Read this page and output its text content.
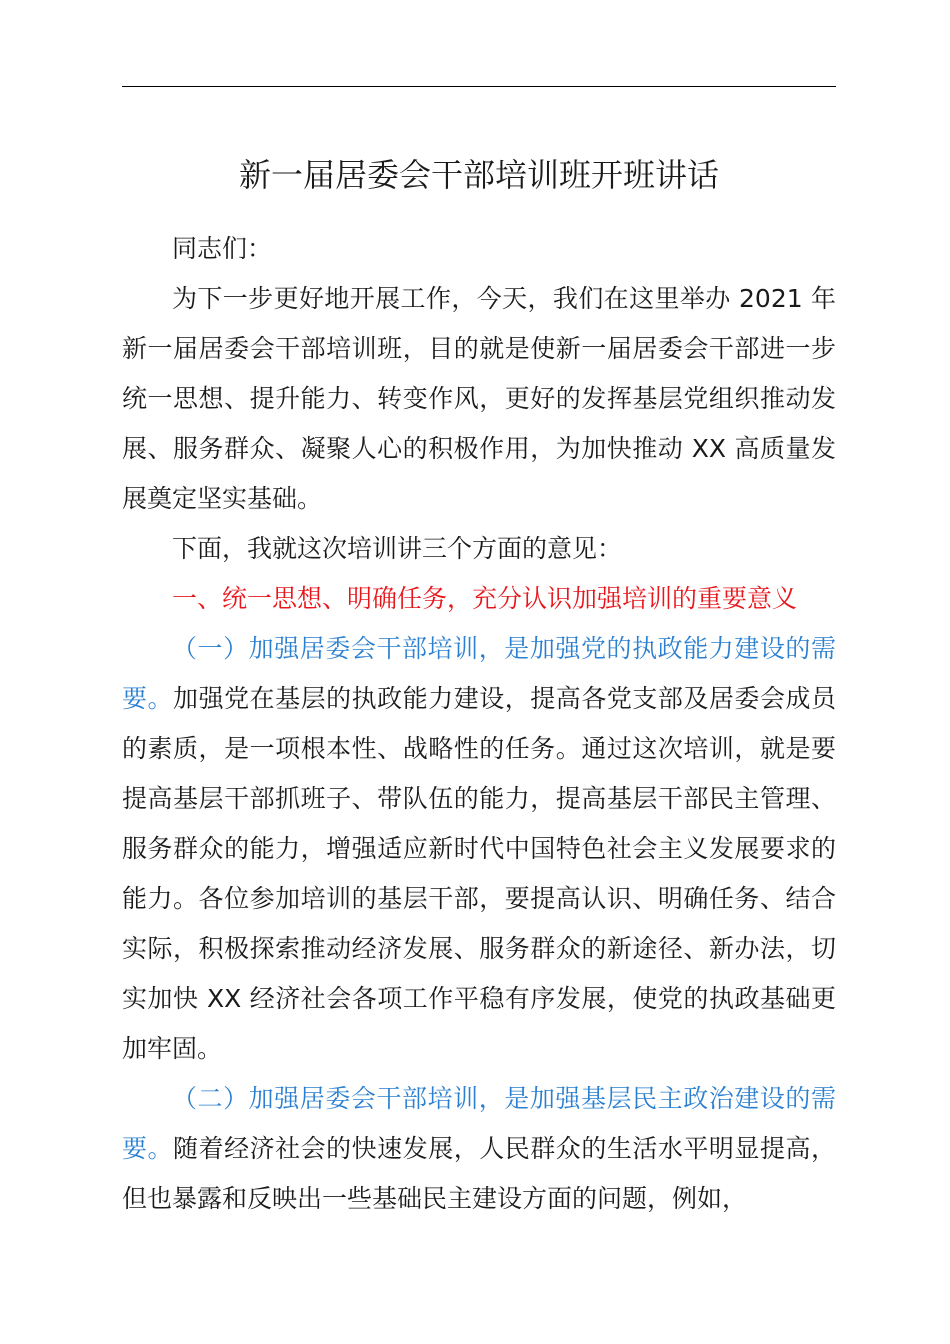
新一届居委会干部培训班开班讲话

同志们：

为下一步更好地开展工作，今天，我们在这里举办 2021 年新一届居委会干部培训班，目的就是使新一届居委会干部进一步统一思想、提升能力、转变作风，更好的发挥基层党组织推动发展、服务群众、凝聚人心的积极作用，为加快推动 XX 高质量发展奠定坚实基础。

下面，我就这次培训讲三个方面的意见：

一、统一思想、明确任务，充分认识加强培训的重要意义

（一）加强居委会干部培训，是加强党的执政能力建设的需要。加强党在基层的执政能力建设，提高各党支部及居委会成员的素质，是一项根本性、战略性的任务。通过这次培训，就是要提高基层干部抓班子、带队伍的能力，提高基层干部民主管理、服务群众的能力，增强适应新时代中国特色社会主义发展要求的能力。各位参加培训的基层干部，要提高认识、明确任务、结合实际，积极探索推动经济发展、服务群众的新途径、新办法，切实加快 XX 经济社会各项工作平稳有序发展，使党的执政基础更加牢固。

（二）加强居委会干部培训，是加强基层民主政治建设的需要。随着经济社会的快速发展，人民群众的生活水平明显提高，但也暴露和反映出一些基础民主建设方面的问题，例如，
